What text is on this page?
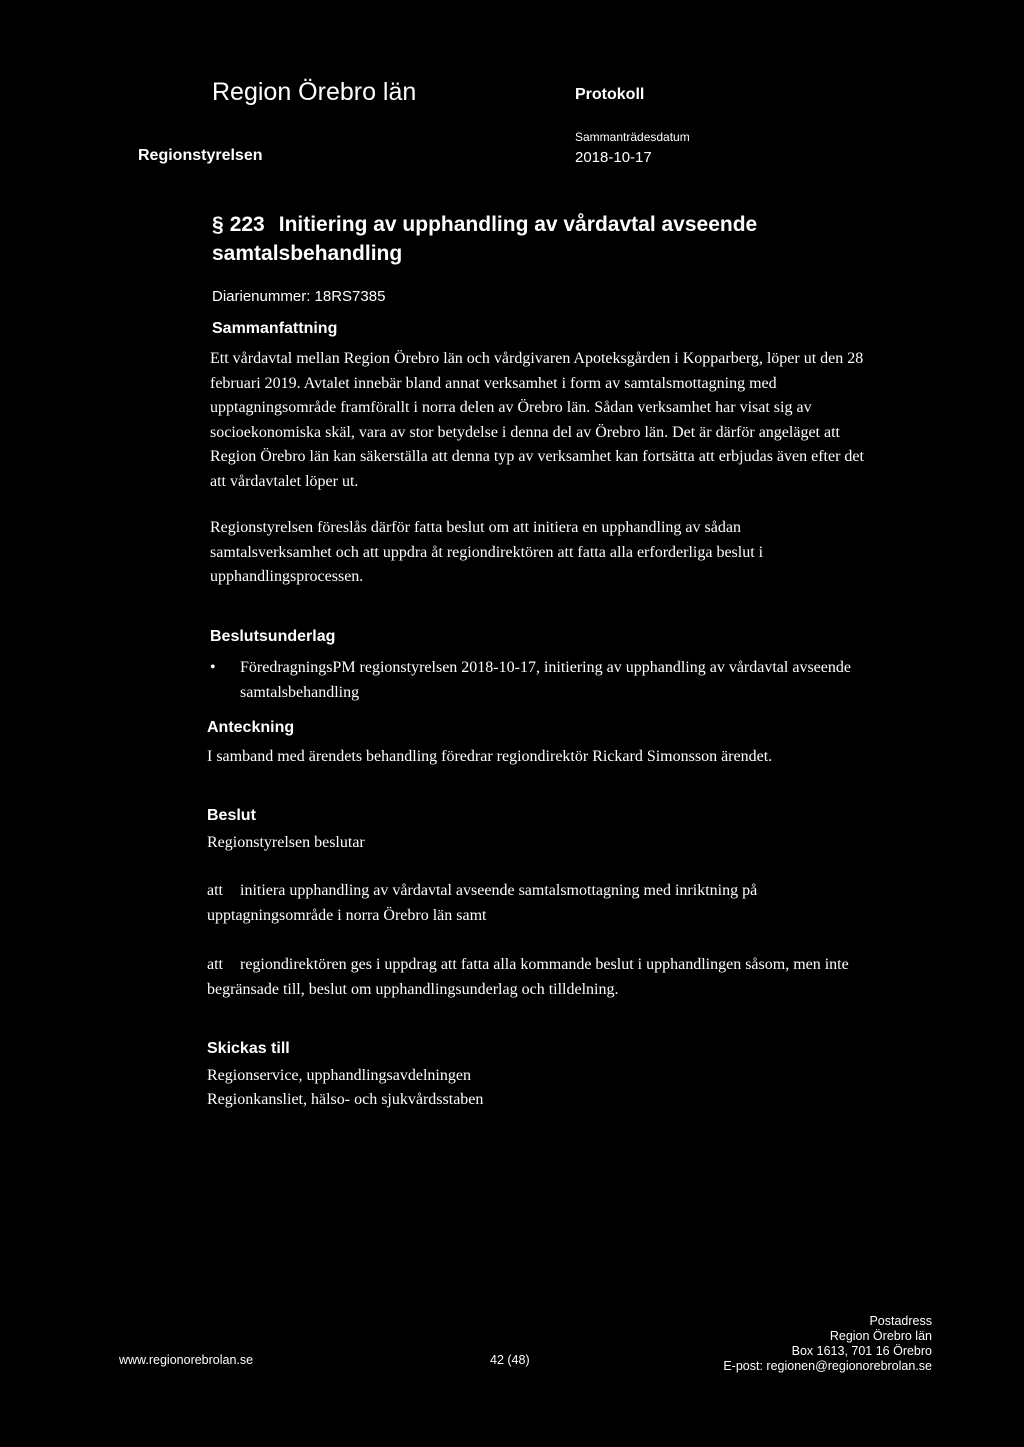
Region Örebro län	Protokoll
Sammanträdesdatum
Regionstyrelsen	2018-10-17
§ 223 Initiering av upphandling av vårdavtal avseende samtalsbehandling
Diarienummer: 18RS7385
Sammanfattning

Ett vårdavtal mellan Region Örebro län och vårdgivaren Apoteksgården i Kopparberg, löper ut den 28 februari 2019. Avtalet innebär bland annat verksamhet i form av samtalsmottagning med upptagningsområde framförallt i norra delen av Örebro län. Sådan verksamhet har visat sig av socioekonomiska skäl, vara av stor betydelse i denna del av Örebro län. Det är därför angeläget att Region Örebro län kan säkerställa att denna typ av verksamhet kan fortsätta att erbjudas även efter det att vårdavtalet löper ut.

Regionstyrelsen föreslås därför fatta beslut om att initiera en upphandling av sådan samtalsverksamhet och att uppdra åt regiondirektören att fatta alla erforderliga beslut i upphandlingsprocessen.

Beslutsunderlag
•	FöredragningsPM regionstyrelsen 2018-10-17, initiering av upphandling av vårdavtal avseende samtalsbehandling
Anteckning

I samband med ärendets behandling föredrar regiondirektör Rickard Simonsson ärendet.

Beslut

Regionstyrelsen beslutar

att	initiera upphandling av vårdavtal avseende samtalsmottagning med inriktning på upptagningsområde i norra Örebro län samt
att	regiondirektören ges i uppdrag att fatta alla kommande beslut i upphandlingen såsom, men inte begränsade till, beslut om upphandlingsunderlag och tilldelning.
Skickas till

Regionservice, upphandlingsavdelningen

Regionkansliet, hälso- och sjukvårdsstaben

www.regionorebrolan.se	42 (48)
Postadress
Region Örebro län
Box 1613, 701 16 Örebro
E-post: regionen@regionorebrolan.se
